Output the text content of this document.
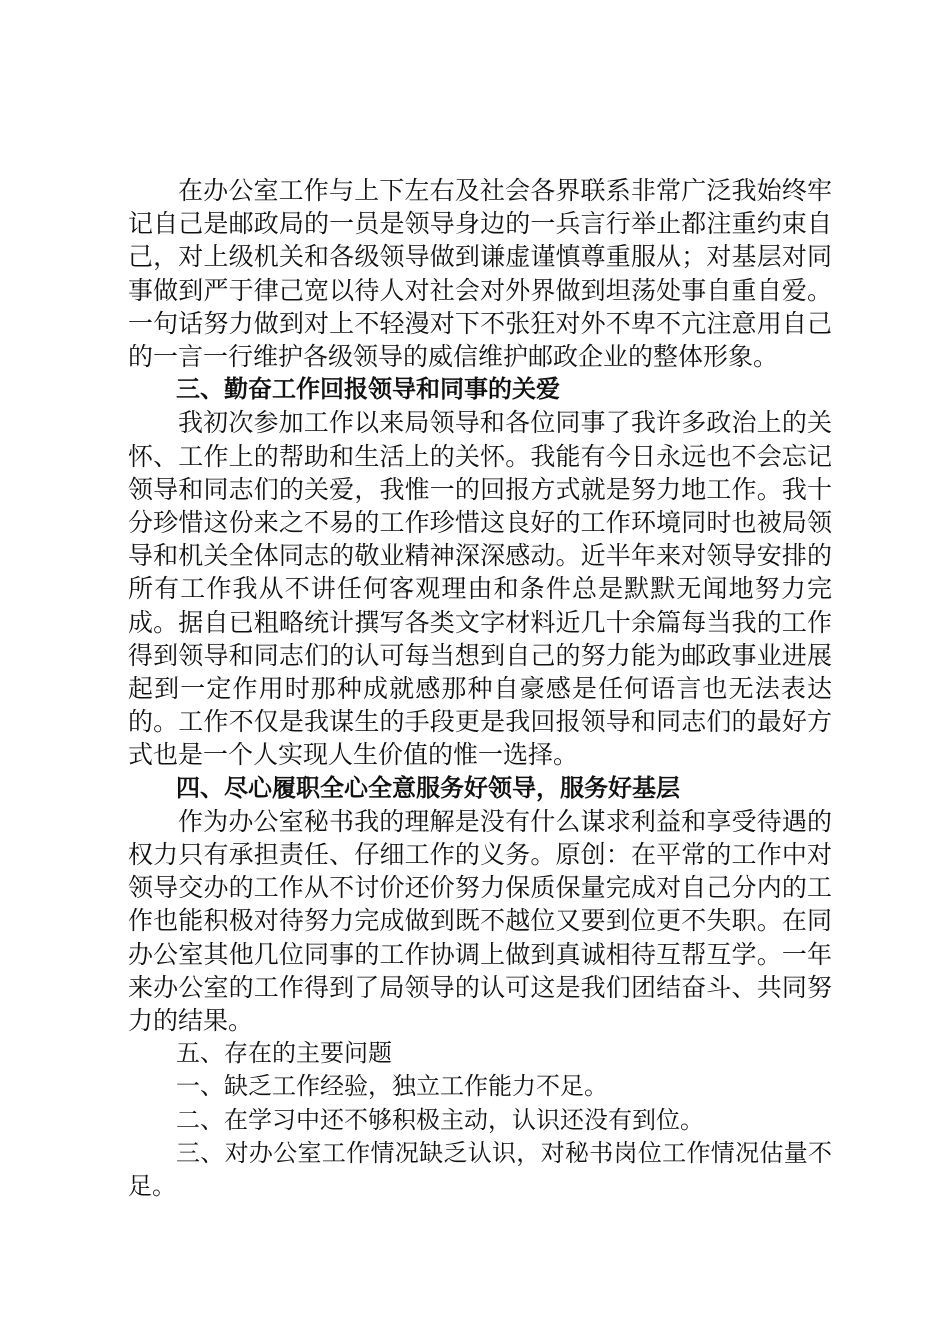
在办公室工作与上下左右及社会各界联系非常广泛我始终牢记自己是邮政局的一员是领导身边的一兵言行举止都注重约束自己，对上级机关和各级领导做到谦虚谨慎尊重服从；对基层对同事做到严于律己宽以待人对社会对外界做到坦荡处事自重自爱。一句话努力做到对上不轻漫对下不张狂对外不卑不亢注意用自己的一言一行维护各级领导的威信维护邮政企业的整体形象。

三、勤奋工作回报领导和同事的关爱

我初次参加工作以来局领导和各位同事了我许多政治上的关怀、工作上的帮助和生活上的关怀。我能有今日永远也不会忘记领导和同志们的关爱，我惟一的回报方式就是努力地工作。我十分珍惜这份来之不易的工作珍惜这良好的工作环境同时也被局领导和机关全体同志的敬业精神深深感动。近半年来对领导安排的所有工作我从不讲任何客观理由和条件总是默默无闻地努力完成。据自已粗略统计撰写各类文字材料近几十余篇每当我的工作得到领导和同志们的认可每当想到自己的努力能为邮政事业进展起到一定作用时那种成就感那种自豪感是任何语言也无法表达的。工作不仅是我谋生的手段更是我回报领导和同志们的最好方式也是一个人实现人生价值的惟一选择。

四、尽心履职全心全意服务好领导，服务好基层

作为办公室秘书我的理解是没有什么谋求利益和享受待遇的权力只有承担责任、仔细工作的义务。原创：在平常的工作中对领导交办的工作从不讨价还价努力保质保量完成对自己分内的工作也能积极对待努力完成做到既不越位又要到位更不失职。在同办公室其他几位同事的工作协调上做到真诚相待互帮互学。一年来办公室的工作得到了局领导的认可这是我们团结奋斗、共同努力的结果。

五、存在的主要问题

一、缺乏工作经验，独立工作能力不足。

二、在学习中还不够积极主动，认识还没有到位。

三、对办公室工作情况缺乏认识，对秘书岗位工作情况估量不足。
